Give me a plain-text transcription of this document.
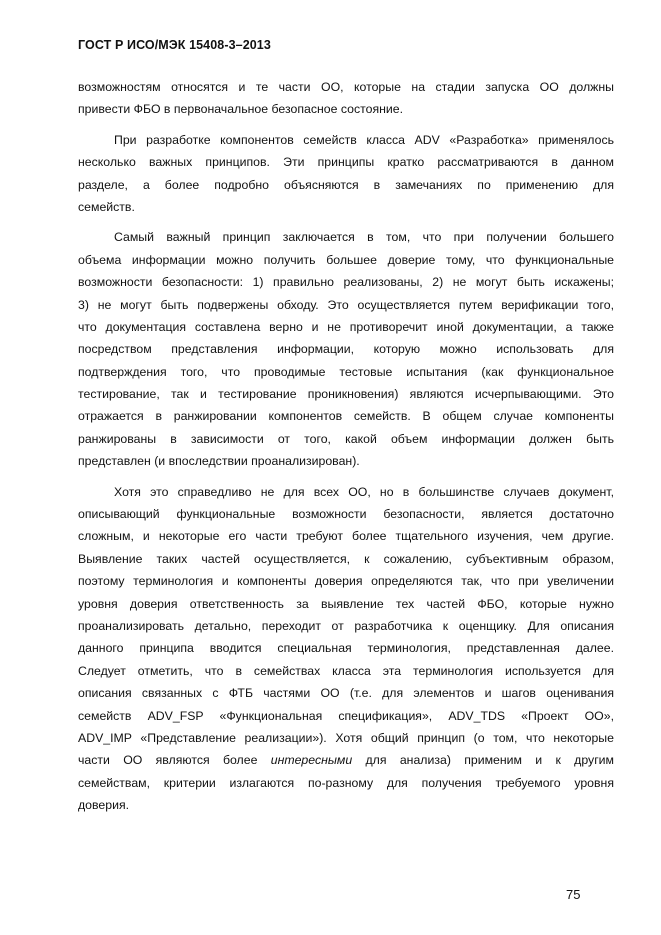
ГОСТ Р ИСО/МЭК 15408-3–2013
возможностям относятся и те части ОО, которые на стадии запуска ОО должны
привести ФБО в первоначальное безопасное состояние.
При разработке компонентов семейств класса ADV «Разработка» применялось
несколько важных принципов. Эти принципы кратко рассматриваются в данном
разделе, а более подробно объясняются в замечаниях по применению для
семейств.
Самый важный принцип заключается в том, что при получении большего
объема информации можно получить большее доверие тому, что функциональные
возможности безопасности: 1) правильно реализованы, 2) не могут быть искажены;
3) не могут быть подвержены обходу. Это осуществляется путем верификации того,
что документация составлена верно и не противоречит иной документации, а также
посредством представления информации, которую можно использовать для
подтверждения того, что проводимые тестовые испытания (как функциональное
тестирование, так и тестирование проникновения) являются исчерпывающими. Это
отражается в ранжировании компонентов семейств. В общем случае компоненты
ранжированы в зависимости от того, какой объем информации должен быть
представлен (и впоследствии проанализирован).
Хотя это справедливо не для всех ОО, но в большинстве случаев документ,
описывающий функциональные возможности безопасности, является достаточно
сложным, и некоторые его части требуют более тщательного изучения, чем другие.
Выявление таких частей осуществляется, к сожалению, субъективным образом,
поэтому терминология и компоненты доверия определяются так, что при увеличении
уровня доверия ответственность за выявление тех частей ФБО, которые нужно
проанализировать детально, переходит от разработчика к оценщику. Для описания
данного принципа вводится специальная терминология, представленная далее.
Следует отметить, что в семействах класса эта терминология используется для
описания связанных с ФТБ частями ОО (т.е. для элементов и шагов оценивания
семейств ADV_FSP «Функциональная спецификация», ADV_TDS «Проект ОО»,
ADV_IMP «Представление реализации»). Хотя общий принцип (о том, что некоторые
части ОО являются более интересными для анализа) применим и к другим
семействам, критерии излагаются по-разному для получения требуемого уровня
доверия.
75
